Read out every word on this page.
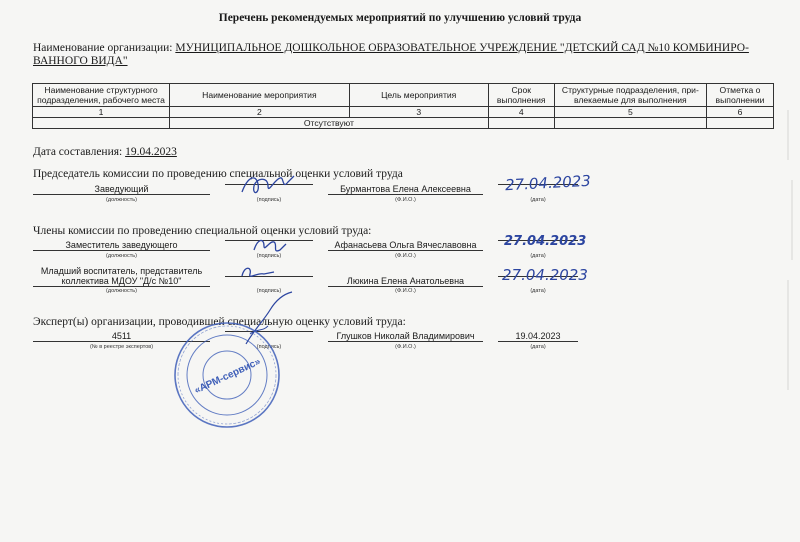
Перечень рекомендуемых мероприятий по улучшению условий труда
Наименование организации: МУНИЦИПАЛЬНОЕ ДОШКОЛЬНОЕ ОБРАЗОВАТЕЛЬНОЕ УЧРЕЖДЕНИЕ "ДЕТСКИЙ САД №10 КОМБИНИРО-ВАННОГО ВИДА"
Наименование структурного подразделения, рабочего места	Наименование мероприятия	Цель мероприятия	Срок выполнения	Структурные подразделения, при-влекаемые для выполнения	Отметка о выполнении
1	2	3	4	5	6
	Отсутствуют				
Дата составления: 19.04.2023
Председатель комиссии по проведению специальной оценки условий труда
Заведующий
(должность)	(подпись)
Бурмантова Елена Алексеевна
(Ф.И.О.)	(дата)
27.04.2023
Члены комиссии по проведению специальной оценки условий труда:
Заместитель заведующего
(должность)	(подпись)
Афанасьева Ольга Вячеславовна
(Ф.И.О.)	(дата)
27.04.2023
Младший воспитатель, представитель коллектива МДОУ "Д/с №10"
(должность)	(подпись)
Люкина Елена Анатольевна
(Ф.И.О.)	(дата)
27.04.2023
Эксперт(ы) организации, проводившей специальную оценку условий труда:
4511
(№ в реестре экспертов)	(подпись)
Глушков Николай Владимирович
(Ф.И.О.)
19.04.2023
(дата)
«АРМ-сервис»
